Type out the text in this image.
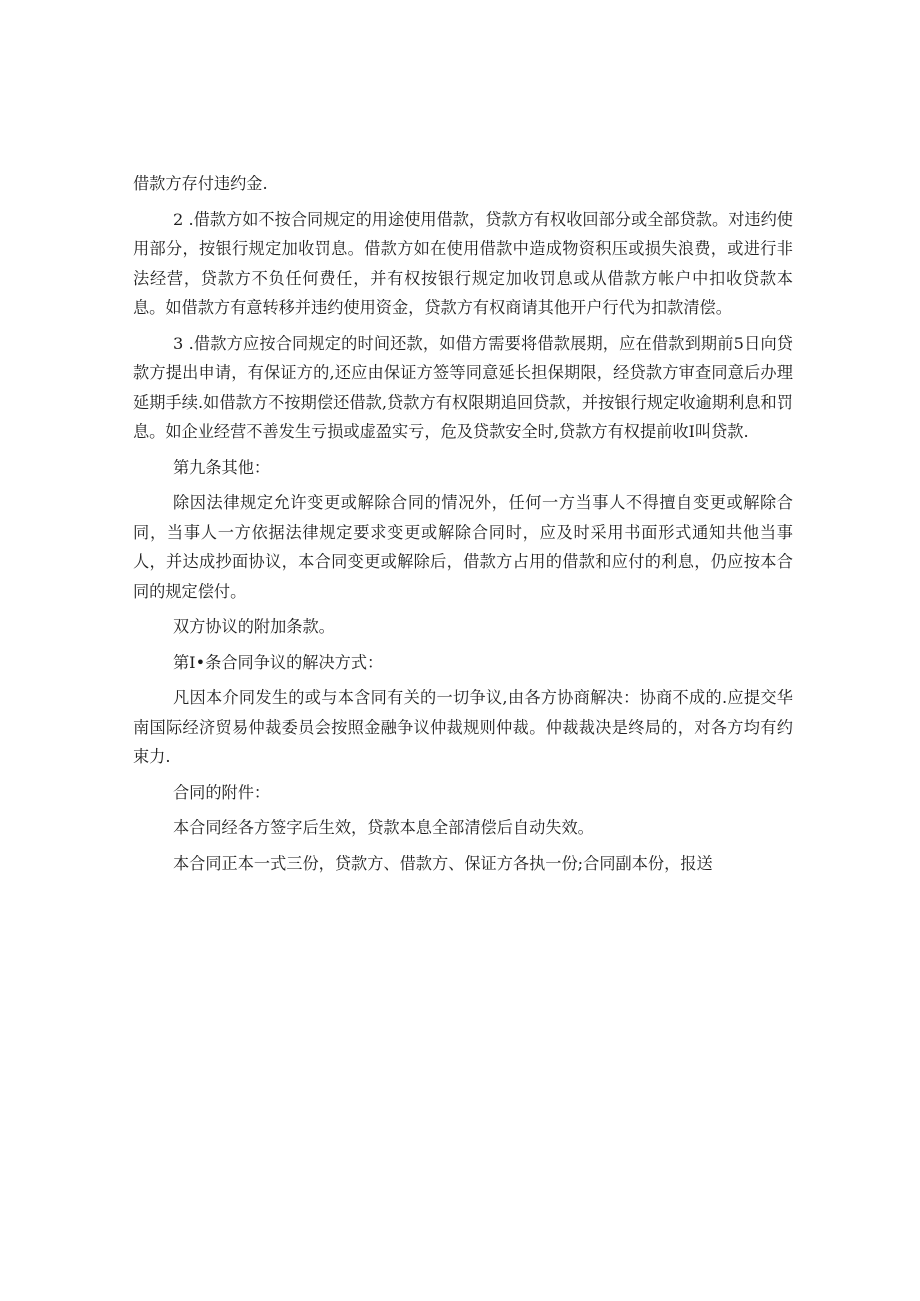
借款方存付违约金.

2 .借款方如不按合同规定的用途使用借款，贷款方有权收回部分或全部贷款。对违约使用部分，按银行规定加收罚息。借款方如在使用借款中造成物资积压或损失浪费，或进行非法经营，贷款方不负任何费任，并有权按银行规定加收罚息或从借款方帐户中扣收贷款本息。如借款方有意转移并违约使用资金，贷款方有权商请其他开户行代为扣款清偿。

3 .借款方应按合同规定的时间还款，如借方需要将借款展期，应在借款到期前5日向贷款方提出申请，有保证方的,还应由保证方签等同意延长担保期限，经贷款方审查同意后办理延期手续.如借款方不按期偿还借款,贷款方有权限期追回贷款，并按银行规定收逾期利息和罚息。如企业经营不善发生亏损或虚盈实亏，危及贷款安全时,贷款方有权提前收I叫贷款.

第九条其他：

除因法律规定允许变更或解除合同的情况外，任何一方当事人不得擅自变更或解除合同，当事人一方依据法律规定要求变更或解除合同时，应及时采用书面形式通知共他当事人，并达成抄面协议，本合同变更或解除后，借款方占用的借款和应付的利息，仍应按本合同的规定偿付。

双方协议的附加条款。

第I•条合同争议的解决方式：

凡因本介同发生的或与本含同有关的一切争议,由各方协商解决：协商不成的.应提交华南国际经济贸易仲裁委员会按照金融争议仲裁规则仲裁。仲裁裁决是终局的，对各方均有约束力.

合同的附件：

本合同经各方签字后生效，贷款本息全部清偿后自动失效。

本合同正本一式三份，贷款方、借款方、保证方各执一份;合同副本份，报送
